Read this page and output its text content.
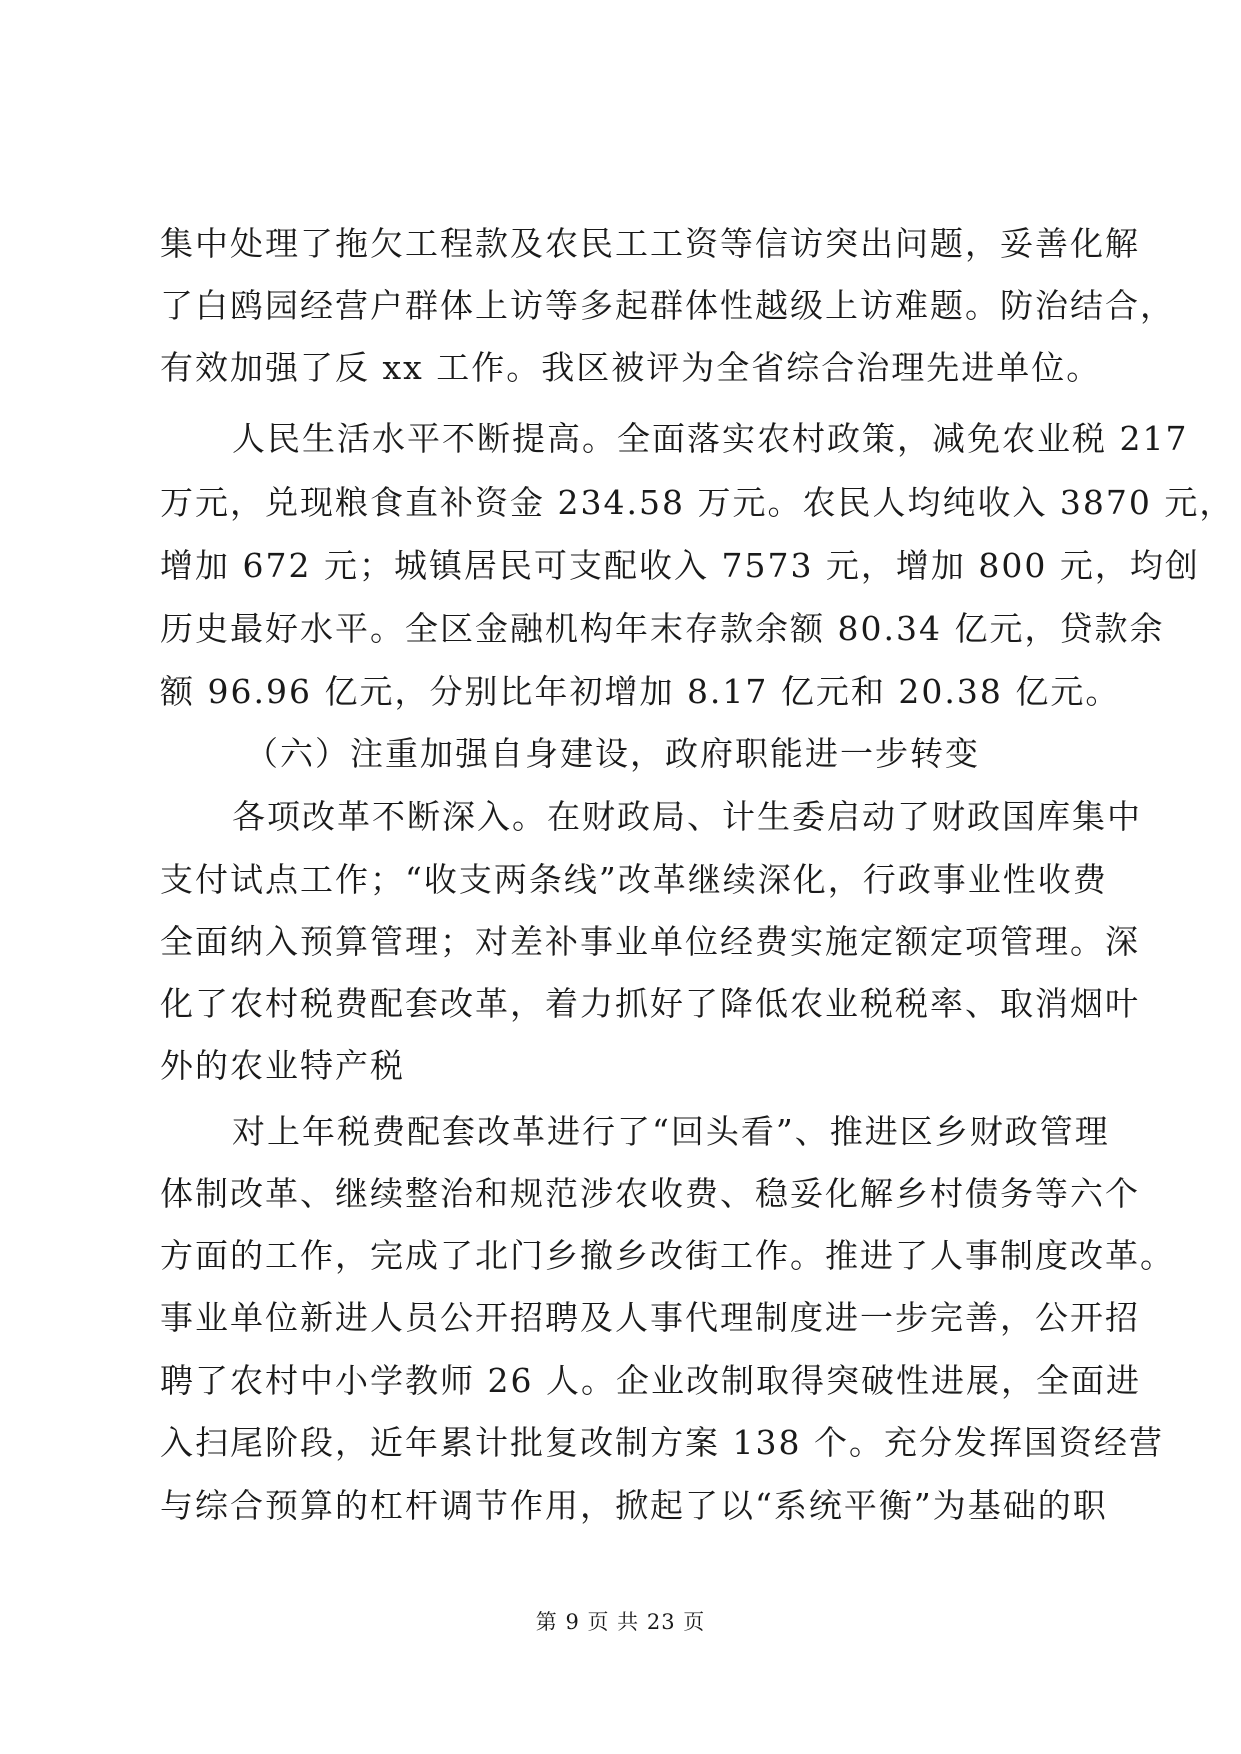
集中处理了拖欠工程款及农民工工资等信访突出问题，妥善化解
了白鸥园经营户群体上访等多起群体性越级上访难题。防治结合，
有效加强了反 xx 工作。我区被评为全省综合治理先进单位。
人民生活水平不断提高。全面落实农村政策，减免农业税 217
万元，兑现粮食直补资金 234.58 万元。农民人均纯收入 3870 元，
增加 672 元；城镇居民可支配收入 7573 元，增加 800 元，均创
历史最好水平。全区金融机构年末存款余额 80.34 亿元，贷款余
额 96.96 亿元，分别比年初增加 8.17 亿元和 20.38 亿元。
（六）注重加强自身建设，政府职能进一步转变
各项改革不断深入。在财政局、计生委启动了财政国库集中
支付试点工作；“收支两条线”改革继续深化，行政事业性收费
全面纳入预算管理；对差补事业单位经费实施定额定项管理。深
化了农村税费配套改革，着力抓好了降低农业税税率、取消烟叶
外的农业特产税
对上年税费配套改革进行了“回头看”、推进区乡财政管理
体制改革、继续整治和规范涉农收费、稳妥化解乡村债务等六个
方面的工作，完成了北门乡撤乡改街工作。推进了人事制度改革。
事业单位新进人员公开招聘及人事代理制度进一步完善，公开招
聘了农村中小学教师 26 人。企业改制取得突破性进展，全面进
入扫尾阶段，近年累计批复改制方案 138 个。充分发挥国资经营
与综合预算的杠杆调节作用，掀起了以“系统平衡”为基础的职
第 9 页 共 23 页
